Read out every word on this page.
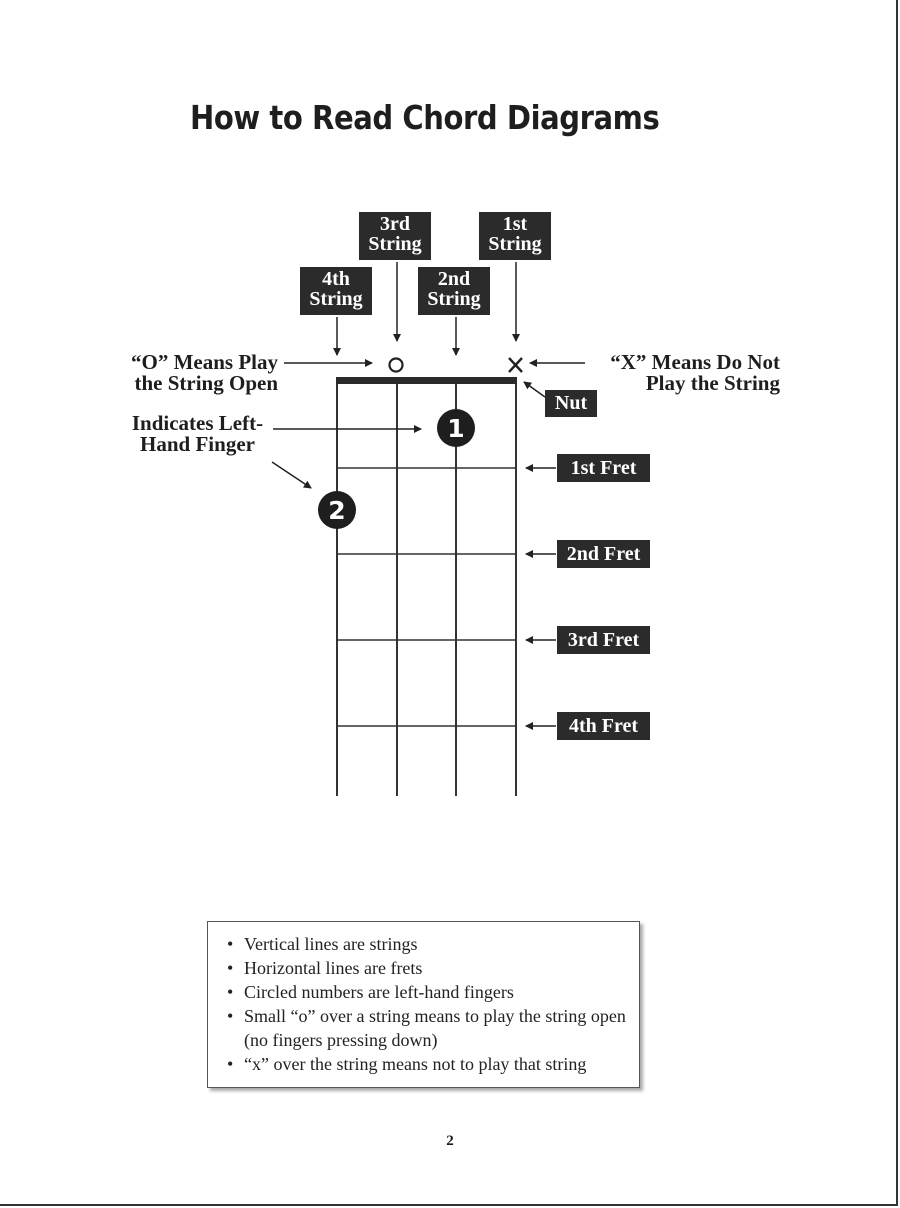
How to Read Chord Diagrams
1
2
4th
String
3rd
String
2nd
String
1st
String
“O” Means Play
the String Open
“X” Means Do Not
Play the String
Nut
Indicates Left-
Hand Finger
1st Fret
2nd Fret
3rd Fret
4th Fret
• Vertical lines are strings
• Horizontal lines are frets
• Circled numbers are left-hand fingers
• Small “o” over a string means to play the string open (no fingers pressing down)
• “x” over the string means not to play that string
2
